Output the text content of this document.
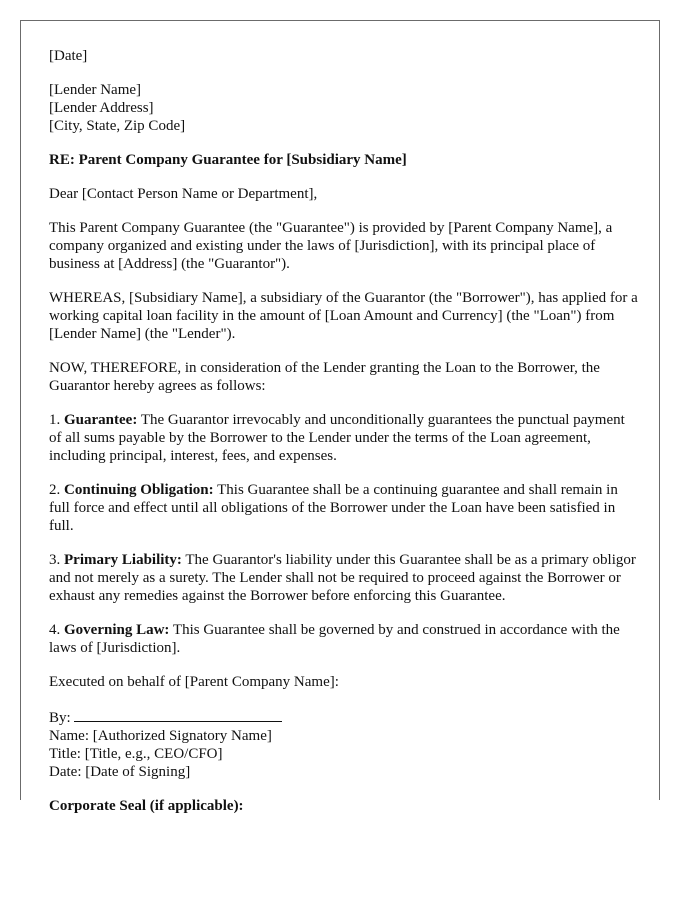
[Date]

[Lender Name]
[Lender Address]
[City, State, Zip Code]

RE: Parent Company Guarantee for [Subsidiary Name]

Dear [Contact Person Name or Department],

This Parent Company Guarantee (the "Guarantee") is provided by [Parent Company Name], a company organized and existing under the laws of [Jurisdiction], with its principal place of business at [Address] (the "Guarantor").

WHEREAS, [Subsidiary Name], a subsidiary of the Guarantor (the "Borrower"), has applied for a working capital loan facility in the amount of [Loan Amount and Currency] (the "Loan") from [Lender Name] (the "Lender").

NOW, THEREFORE, in consideration of the Lender granting the Loan to the Borrower, the Guarantor hereby agrees as follows:

1. Guarantee: The Guarantor irrevocably and unconditionally guarantees the punctual payment of all sums payable by the Borrower to the Lender under the terms of the Loan agreement, including principal, interest, fees, and expenses.

2. Continuing Obligation: This Guarantee shall be a continuing guarantee and shall remain in full force and effect until all obligations of the Borrower under the Loan have been satisfied in full.

3. Primary Liability: The Guarantor's liability under this Guarantee shall be as a primary obligor and not merely as a surety. The Lender shall not be required to proceed against the Borrower or exhaust any remedies against the Borrower before enforcing this Guarantee.

4. Governing Law: This Guarantee shall be governed by and construed in accordance with the laws of [Jurisdiction].

Executed on behalf of [Parent Company Name]:

By:
Name: [Authorized Signatory Name]
Title: [Title, e.g., CEO/CFO]
Date: [Date of Signing]

Corporate Seal (if applicable):
